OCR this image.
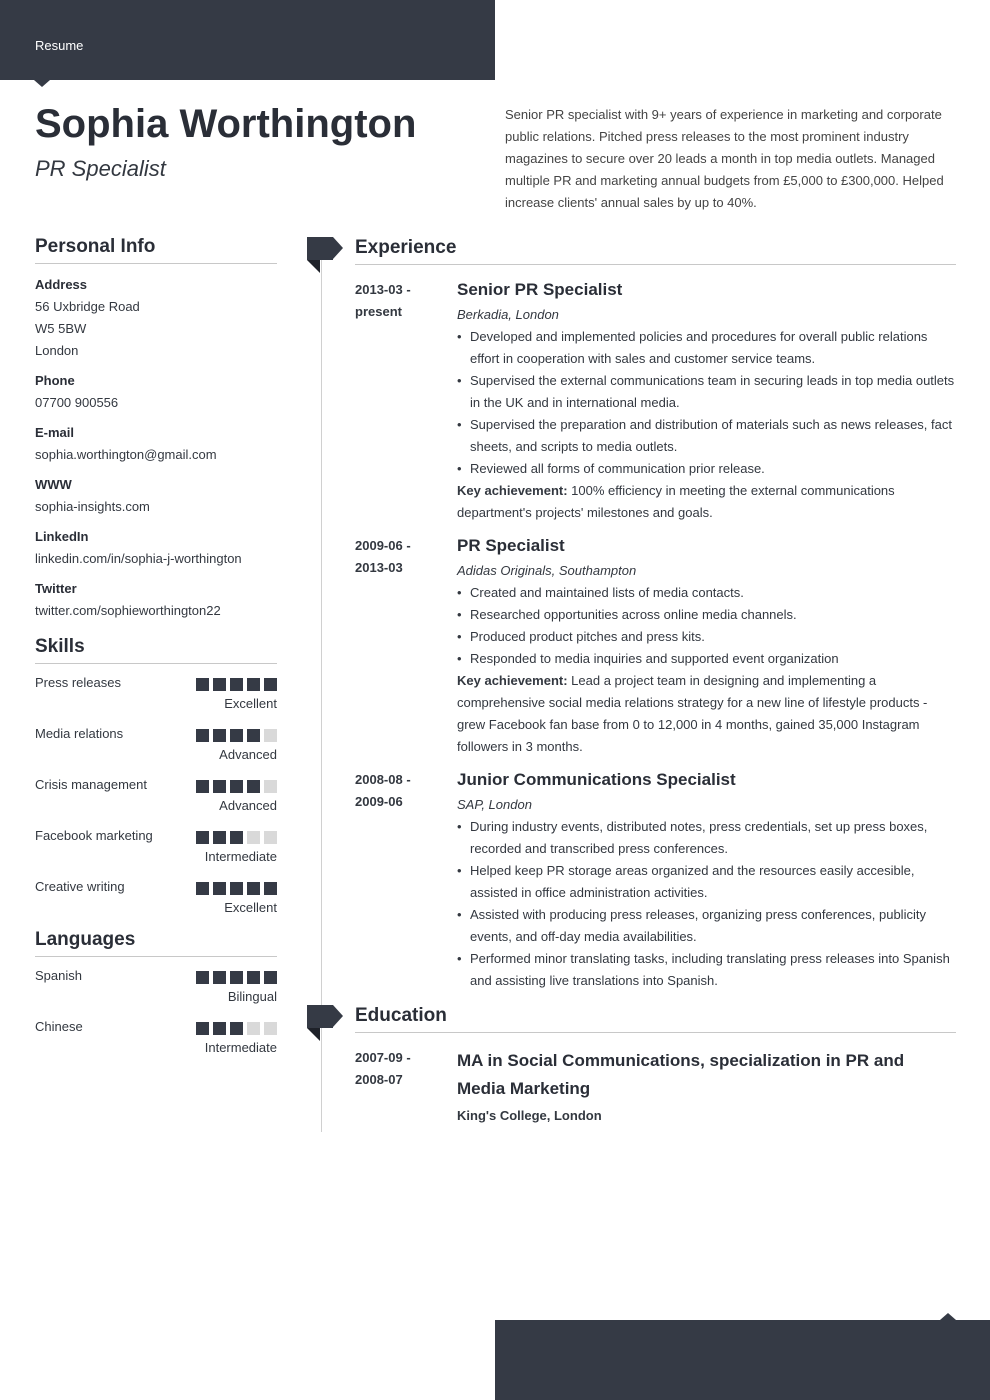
Resume
Sophia Worthington
PR Specialist

Senior PR specialist with 9+ years of experience in marketing and corporate public relations. Pitched press releases to the most prominent industry magazines to secure over 20 leads a month in top media outlets. Managed multiple PR and marketing annual budgets from £5,000 to £300,000. Helped increase clients' annual sales by up to 40%.

Personal Info
Address
56 Uxbridge Road
W5 5BW
London
Phone
07700 900556
E-mail
sophia.worthington@gmail.com
WWW
sophia-insights.com
LinkedIn
linkedin.com/in/sophia-j-worthington
Twitter
twitter.com/sophieworthington22
Skills
Press releases
Excellent
Media relations
Advanced
Crisis management
Advanced
Facebook marketing
Intermediate
Creative writing
Excellent
Languages
Spanish
Bilingual
Chinese
Intermediate
Experience
2013-03 -
present
Senior PR Specialist
Berkadia, London
• Developed and implemented policies and procedures for overall public relations effort in cooperation with sales and customer service teams.
• Supervised the external communications team in securing leads in top media outlets in the UK and in international media.
• Supervised the preparation and distribution of materials such as news releases, fact sheets, and scripts to media outlets.
• Reviewed all forms of communication prior release.
Key achievement: 100% efficiency in meeting the external communications department's projects' milestones and goals.
2009-06 -
2013-03
PR Specialist
Adidas Originals, Southampton
• Created and maintained lists of media contacts.
• Researched opportunities across online media channels.
• Produced product pitches and press kits.
• Responded to media inquiries and supported event organization
Key achievement: Lead a project team in designing and implementing a comprehensive social media relations strategy for a new line of lifestyle products - grew Facebook fan base from 0 to 12,000 in 4 months, gained 35,000 Instagram followers in 3 months.
2008-08 -
2009-06
Junior Communications Specialist
SAP, London
• During industry events, distributed notes, press credentials, set up press boxes, recorded and transcribed press conferences.
• Helped keep PR storage areas organized and the resources easily accesible, assisted in office administration activities.
• Assisted with producing press releases, organizing press conferences, publicity events, and off-day media availabilities.
• Performed minor translating tasks, including translating press releases into Spanish and assisting live translations into Spanish.
Education
2007-09 -
2008-07
MA in Social Communications, specialization in PR and Media Marketing
King's College, London
